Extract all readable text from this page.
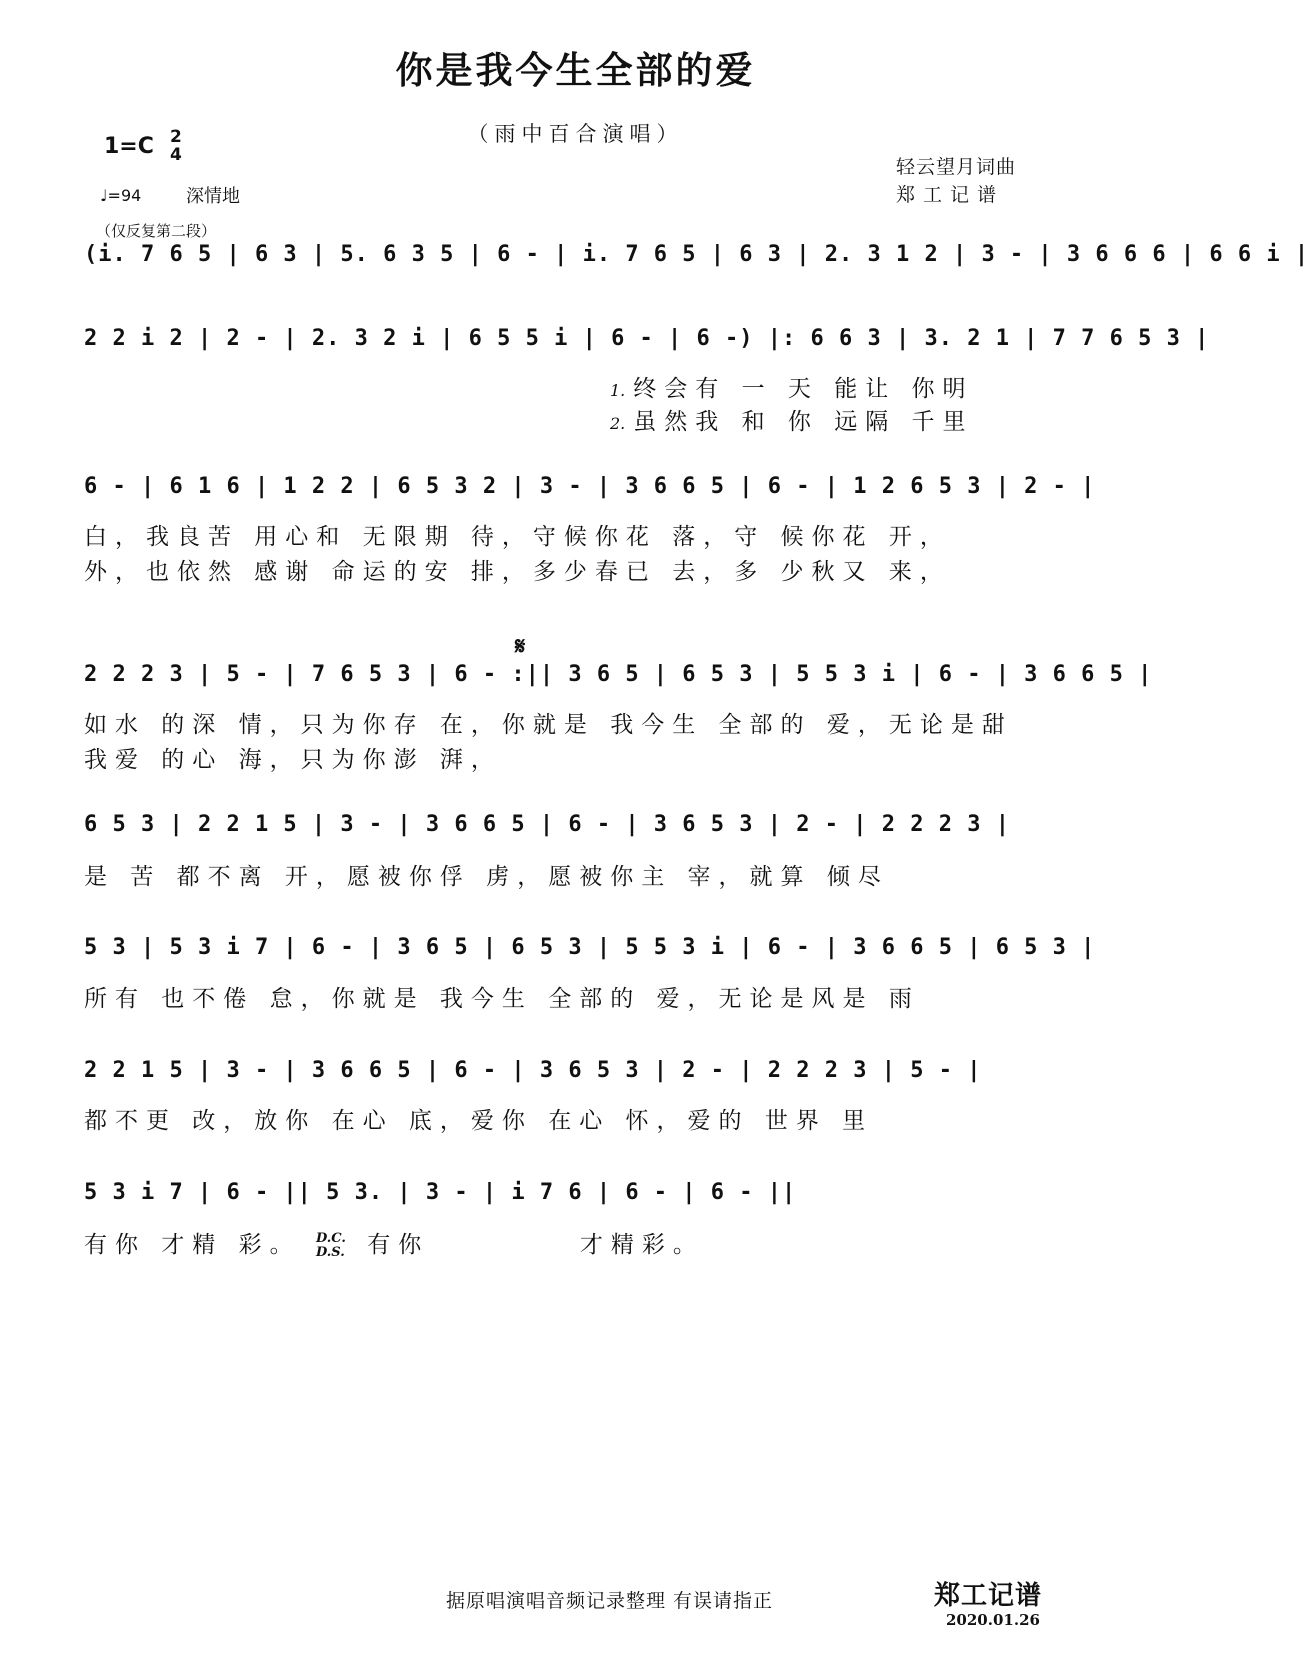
你是我今生全部的爱
（雨中百合演唱）
1=C 2
4
♩=94 深情地
（仅反复第二段）
轻云望月词曲
郑工记谱
(i. 7 6 5 | 6 3 | 5. 6 3 5 | 6 - | i. 7 6 5 | 6 3 | 2. 3 1 2 | 3 - | 3 6 6 6 | 6 6 i |
2 2 i 2 | 2 - | 2. 3 2 i | 6 5 5 i | 6 - | 6 -) |: 6 6 3 | 3. 2 1 | 7 7 6 5 3 |
1. 终会有 一 天 能让 你明
2. 虽然我 和 你 远隔 千里
6 - | 6 1 6 | 1 2 2 | 6 5 3 2 | 3 - | 3 6 6 5 | 6 - | 1 2 6 5 3 | 2 - |
白，我良苦 用心和 无限期 待，守候你花 落，守 候你花 开，
外，也依然 感谢 命运的安 排，多少春已 去，多 少秋又 来，
𝄋
2 2 2 3 | 5 - | 7 6 5 3 | 6 - :|| 3 6 5 | 6 5 3 | 5 5 3 i | 6 - | 3 6 6 5 |
如水 的深 情，只为你存 在，你就是 我今生 全部的 爱，无论是甜
我爱 的心 海，只为你澎 湃，
6 5 3 | 2 2 1 5 | 3 - | 3 6 6 5 | 6 - | 3 6 5 3 | 2 - | 2 2 2 3 |
是 苦 都不离 开，愿被你俘 虏，愿被你主 宰，就算 倾尽
5 3 | 5 3 i 7 | 6 - | 3 6 5 | 6 5 3 | 5 5 3 i | 6 - | 3 6 6 5 | 6 5 3 |
所有 也不倦 怠，你就是 我今生 全部的 爱，无论是风是 雨
2 2 1 5 | 3 - | 3 6 6 5 | 6 - | 3 6 5 3 | 2 - | 2 2 2 3 | 5 - |
都不更 改，放你 在心 底，爱你 在心 怀，爱的 世界 里
5 3 i 7 | 6 - || 5 3. | 3 - | i 7 6 | 6 - | 6 - ||
有你 才精 彩。 D.C.
D.S. 有你	才精彩。
据原唱演唱音频记录整理 有误请指正	郑工记谱
2020.01.26
